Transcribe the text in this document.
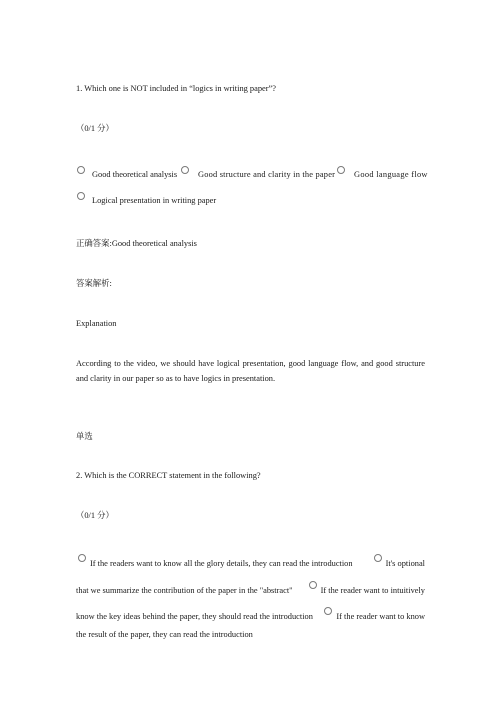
1. Which one is NOT included in “logics in writing paper”?
（0/1 分）
Good theoretical analysis Good structure and clarity in the paper Good language flow
Logical presentation in writing paper
正确答案:Good theoretical analysis
答案解析:
Explanation
According to the video, we should have logical presentation, good language flow, and good structure and clarity in our paper so as to have logics in presentation.
单选
2. Which is the CORRECT statement in the following?
（0/1 分）
If the readers want to know all the glory details, they can read the introduction	It's optional
that we summarize the contribution of the paper in the "abstract"	If the reader want to intuitively
know the key ideas behind the paper, they should read the introduction	If the reader want to know
the result of the paper, they can read the introduction
